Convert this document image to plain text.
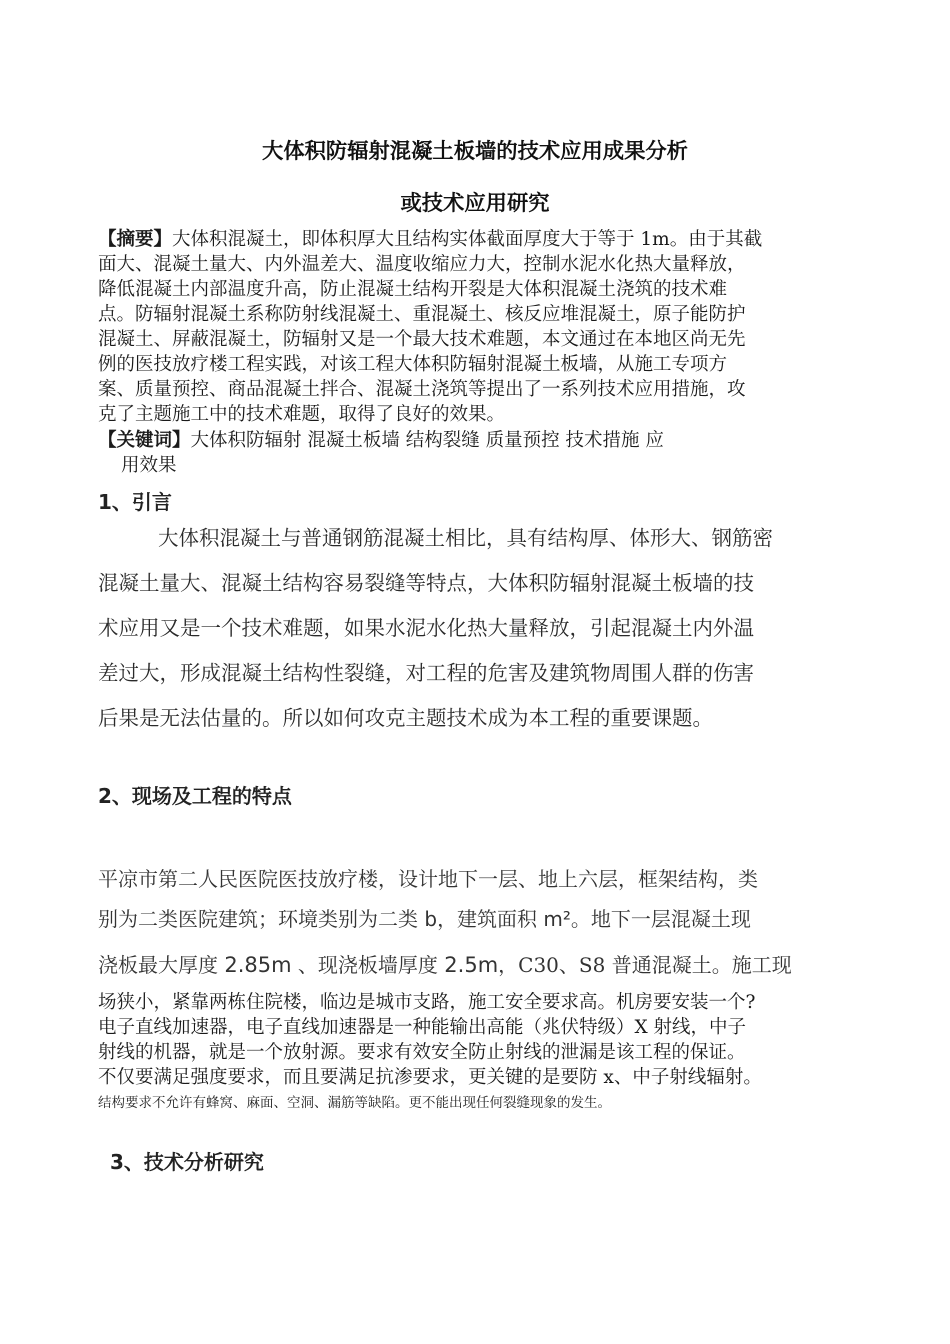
大体积防辐射混凝土板墙的技术应用成果分析
或技术应用研究

【摘要】大体积混凝土，即体积厚大且结构实体截面厚度大于等于 1m。由于其截

面大、混凝土量大、内外温差大、温度收缩应力大，控制水泥水化热大量释放，

降低混凝土内部温度升高，防止混凝土结构开裂是大体积混凝土浇筑的技术难

点。防辐射混凝土系称防射线混凝土、重混凝土、核反应堆混凝土，原子能防护

混凝土、屏蔽混凝土，防辐射又是一个最大技术难题，本文通过在本地区尚无先

例的医技放疗楼工程实践，对该工程大体积防辐射混凝土板墙，从施工专项方

案、质量预控、商品混凝土拌合、混凝土浇筑等提出了一系列技术应用措施，攻

克了主题施工中的技术难题，取得了良好的效果。

【关键词】大体积防辐射 混凝土板墙 结构裂缝 质量预控 技术措施 应

用效果

1、引言

大体积混凝土与普通钢筋混凝土相比，具有结构厚、体形大、钢筋密

混凝土量大、混凝土结构容易裂缝等特点，大体积防辐射混凝土板墙的技

术应用又是一个技术难题，如果水泥水化热大量释放，引起混凝土内外温

差过大，形成混凝土结构性裂缝，对工程的危害及建筑物周围人群的伤害

后果是无法估量的。所以如何攻克主题技术成为本工程的重要课题。

2、现场及工程的特点

平凉市第二人民医院医技放疗楼，设计地下一层、地上六层，框架结构，类

别为二类医院建筑；环境类别为二类 b，建筑面积 m²。地下一层混凝土现

浇板最大厚度 2.85m 、现浇板墙厚度 2.5m，C30、S8 普通混凝土。施工现

场狭小，紧靠两栋住院楼，临边是城市支路，施工安全要求高。机房要安装一个?

电子直线加速器，电子直线加速器是一种能输出高能（兆伏特级）X 射线，中子

射线的机器，就是一个放射源。要求有效安全防止射线的泄漏是该工程的保证。

不仅要满足强度要求，而且要满足抗渗要求，更关键的是要防 x、中子射线辐射。

结构要求不允许有蜂窝、麻面、空洞、漏筋等缺陷。更不能出现任何裂缝现象的发生。

3、技术分析研究
